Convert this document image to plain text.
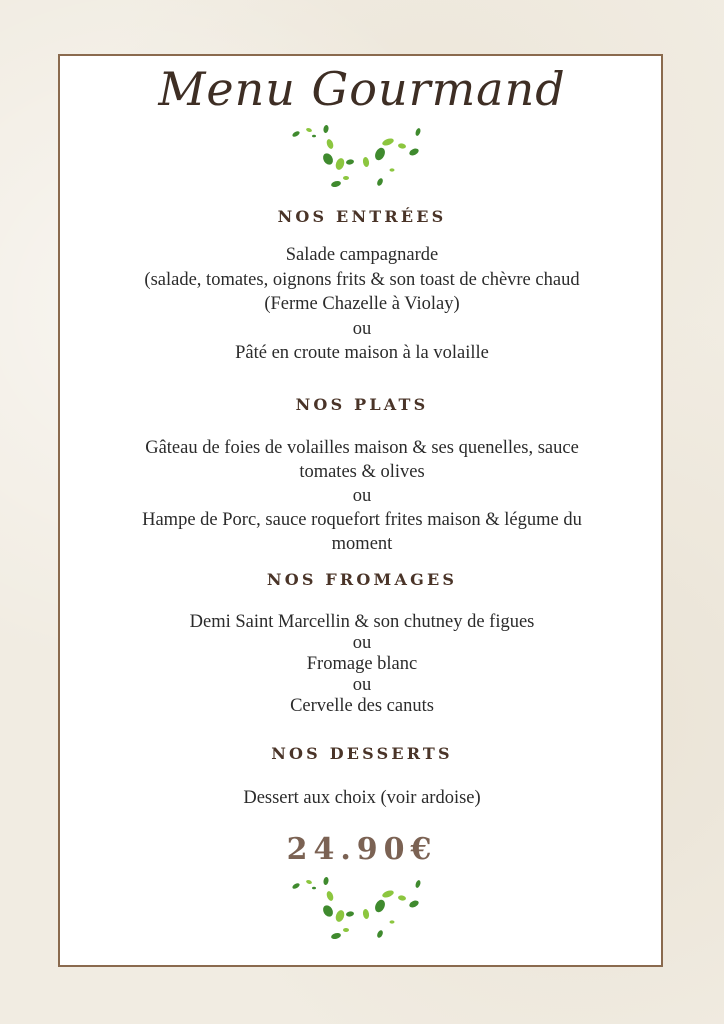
Menu Gourmand
NOS ENTRÉES
Salade campagnarde
(salade, tomates, oignons frits & son toast de chèvre chaud
(Ferme Chazelle à Violay)
ou
Pâté en croute maison à la volaille
NOS PLATS
Gâteau de foies de volailles maison & ses quenelles, sauce
tomates & olives
ou
Hampe de Porc, sauce roquefort frites maison & légume du
moment
NOS FROMAGES
Demi Saint Marcellin & son chutney de figues
ou
Fromage blanc
ou
Cervelle des canuts
NOS DESSERTS
Dessert aux choix (voir ardoise)
24.90€
